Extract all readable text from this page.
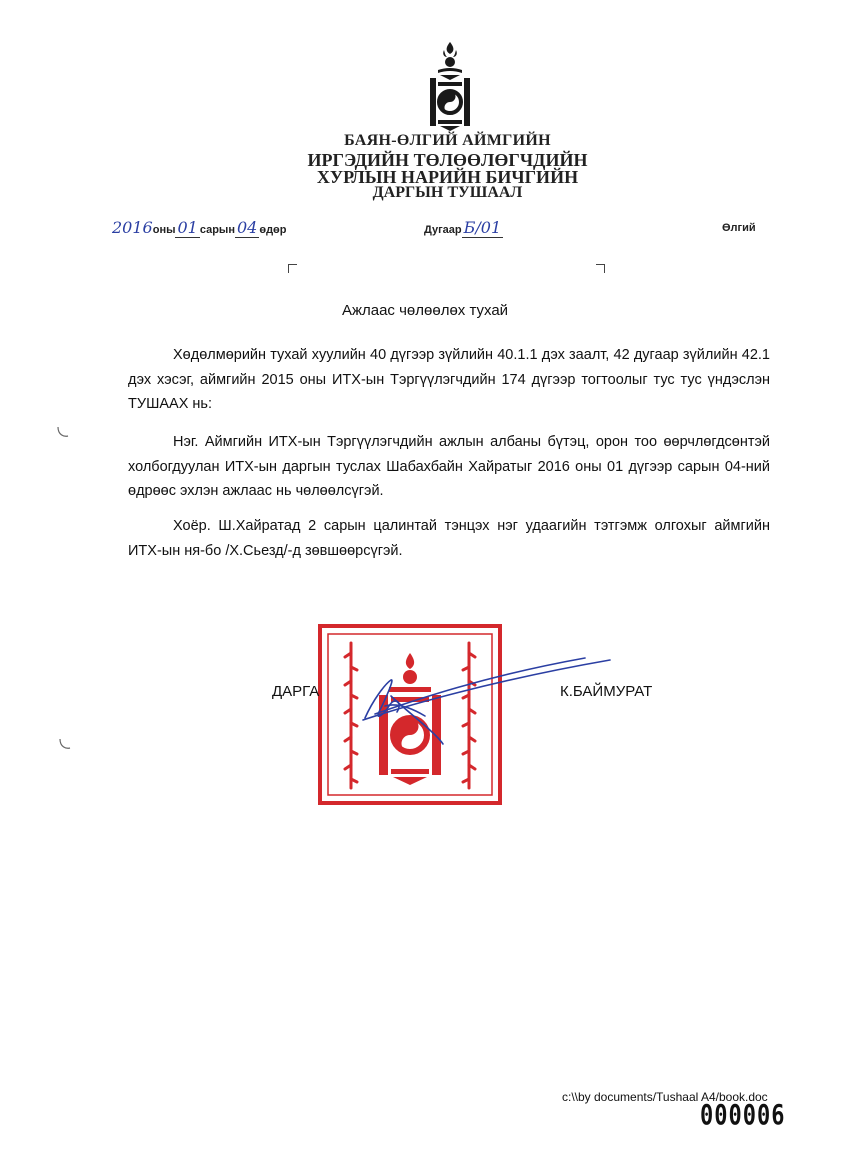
БАЯН-ӨЛГИЙ АЙМГИЙН
ИРГЭДИЙН ТӨЛӨӨЛӨГЧДИЙН
ХУРЛЫН НАРИЙН БИЧГИЙН
ДАРГЫН ТУШААЛ
2016оны 01 сарын 04 өдөр	Дугаар Б/01	Өлгий
Ажлаас чөлөөлөх тухай
Хөдөлмөрийн тухай хуулийн 40 дүгээр зүйлийн 40.1.1 дэх заалт, 42 дугаар зүйлийн 42.1 дэх хэсэг, аймгийн 2015 оны ИТХ-ын Тэргүүлэгчдийн 174 дүгээр тогтоолыг тус тус үндэслэн ТУШААХ нь:
Нэг. Аймгийн ИТХ-ын Тэргүүлэгчдийн ажлын албаны бүтэц, орон тоо өөрчлөгдсөнтэй холбогдуулан ИТХ-ын даргын туслах Шабахбайн Хайратыг 2016 оны 01 дүгээр сарын 04-ний өдрөөс эхлэн ажлаас нь чөлөөлсүгэй.
Хоёр. Ш.Хайратад 2 сарын цалинтай тэнцэх нэг удаагийн тэтгэмж олгохыг аймгийн ИТХ-ын ня-бо /Х.Сьезд/-д зөвшөөрсүгэй.
ДАРГА	К.БАЙМУРАТ
c:\\by documents/Tushaal A4/book.doc
000006
